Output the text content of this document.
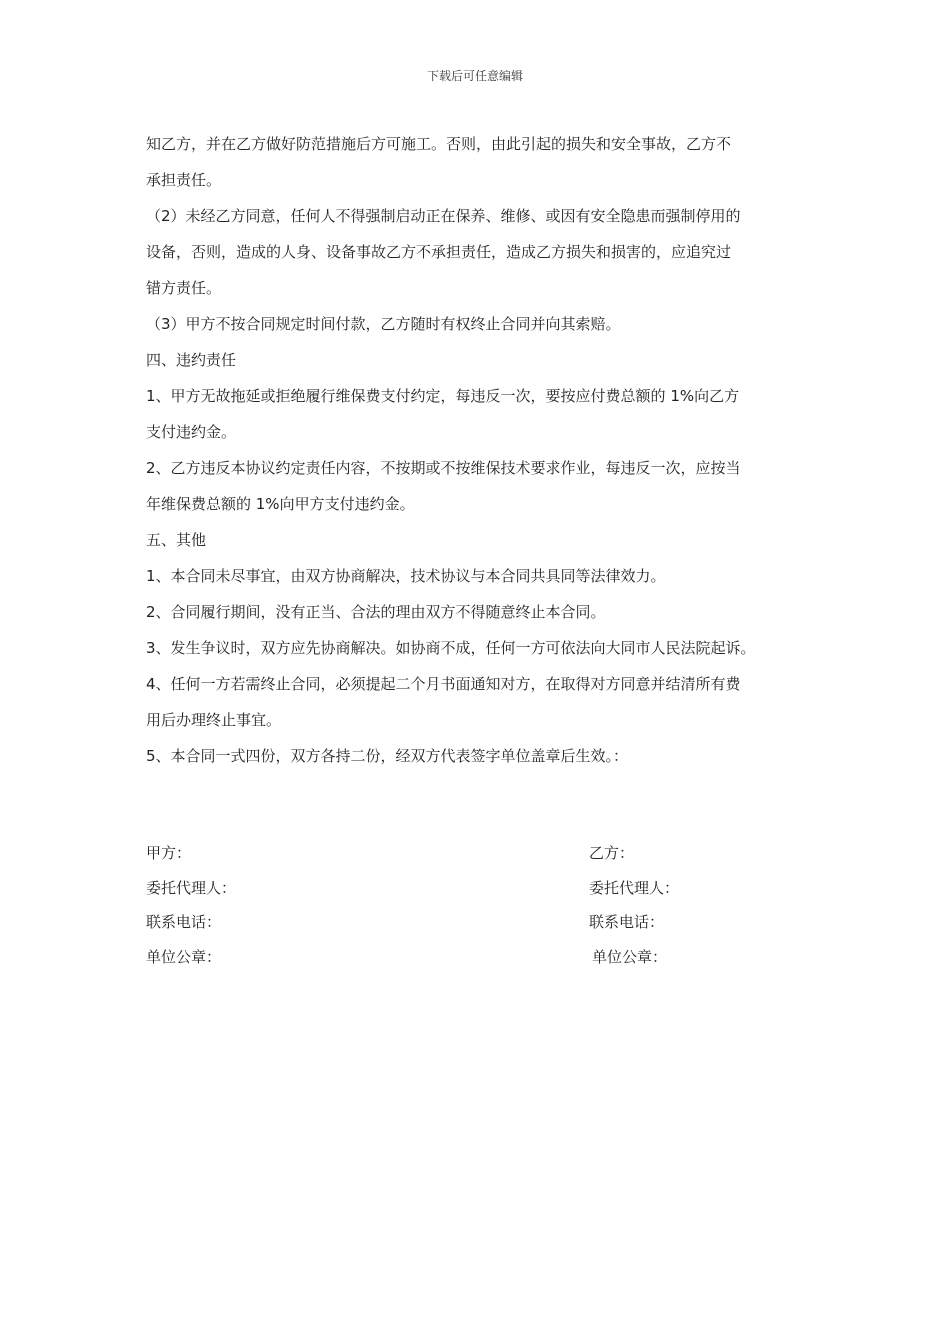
下载后可任意编辑

知乙方，并在乙方做好防范措施后方可施工。否则，由此引起的损失和安全事故，乙方不

承担责任。

（2）未经乙方同意，任何人不得强制启动正在保养、维修、或因有安全隐患而强制停用的

设备，否则，造成的人身、设备事故乙方不承担责任，造成乙方损失和损害的，应追究过

错方责任。

（3）甲方不按合同规定时间付款，乙方随时有权终止合同并向其索赔。

四、违约责任

1、甲方无故拖延或拒绝履行维保费支付约定，每违反一次，要按应付费总额的 1%向乙方

支付违约金。

2、乙方违反本协议约定责任内容，不按期或不按维保技术要求作业，每违反一次，应按当

年维保费总额的 1%向甲方支付违约金。

五、其他

1、本合同未尽事宜，由双方协商解决，技术协议与本合同共具同等法律效力。

2、合同履行期间，没有正当、合法的理由双方不得随意终止本合同。

3、发生争议时，双方应先协商解决。如协商不成，任何一方可依法向大同市人民法院起诉。

4、任何一方若需终止合同，必须提起二个月书面通知对方，在取得对方同意并结清所有费

用后办理终止事宜。

5、本合同一式四份，双方各持二份，经双方代表签字单位盖章后生效。：

甲方：

委托代理人：

联系电话：

单位公章：

乙方：

委托代理人：

联系电话：

单位公章：
